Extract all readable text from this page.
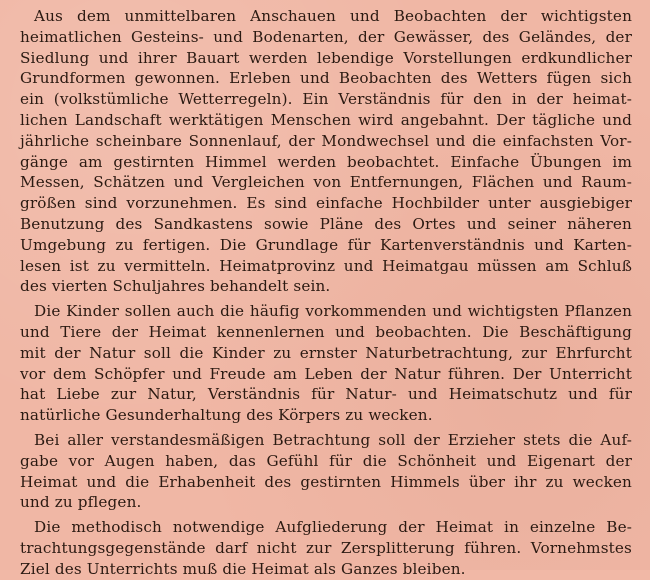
Aus dem unmittelbaren Anschauen und Beobachten der wichtigsten
heimatlichen Gesteins- und Bodenarten, der Gewässer, des Geländes, der
Siedlung und ihrer Bauart werden lebendige Vorstellungen erdkundlicher
Grundformen gewonnen. Erleben und Beobachten des Wetters fügen sich
ein (volkstümliche Wetterregeln). Ein Verständnis für den in der heimat-
lichen Landschaft werktätigen Menschen wird angebahnt. Der tägliche und
jährliche scheinbare Sonnenlauf, der Mondwechsel und die einfachsten Vor-
gänge am gestirnten Himmel werden beobachtet. Einfache Übungen im
Messen, Schätzen und Vergleichen von Entfernungen, Flächen und Raum-
größen sind vorzunehmen. Es sind einfache Hochbilder unter ausgiebiger
Benutzung des Sandkastens sowie Pläne des Ortes und seiner näheren
Umgebung zu fertigen. Die Grundlage für Kartenverständnis und Karten-
lesen ist zu vermitteln. Heimatprovinz und Heimatgau müssen am Schluß
des vierten Schuljahres behandelt sein.

Die Kinder sollen auch die häufig vorkommenden und wichtigsten Pflanzen
und Tiere der Heimat kennenlernen und beobachten. Die Beschäftigung
mit der Natur soll die Kinder zu ernster Naturbetrachtung, zur Ehrfurcht
vor dem Schöpfer und Freude am Leben der Natur führen. Der Unterricht
hat Liebe zur Natur, Verständnis für Natur- und Heimatschutz und für
natürliche Gesunderhaltung des Körpers zu wecken.

Bei aller verstandesmäßigen Betrachtung soll der Erzieher stets die Auf-
gabe vor Augen haben, das Gefühl für die Schönheit und Eigenart der
Heimat und die Erhabenheit des gestirnten Himmels über ihr zu wecken
und zu pflegen.

Die methodisch notwendige Aufgliederung der Heimat in einzelne Be-
trachtungsgegenstände darf nicht zur Zersplitterung führen. Vornehmstes
Ziel des Unterrichts muß die Heimat als Ganzes bleiben.
